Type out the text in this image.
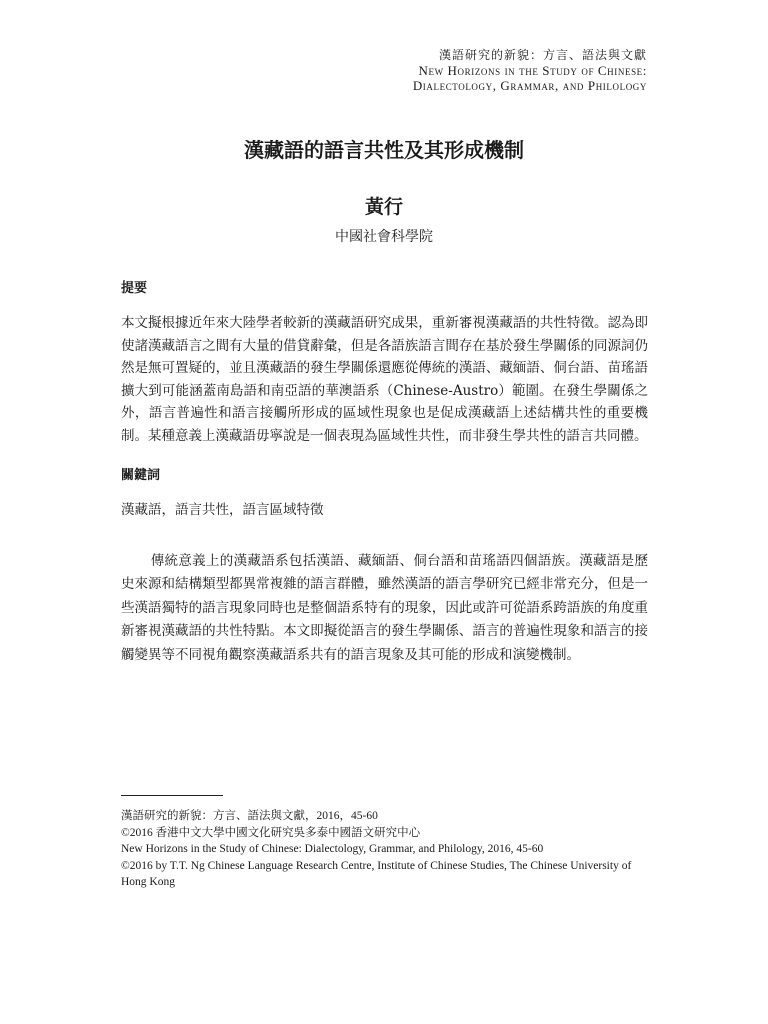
漢語研究的新貌：方言、語法與文獻
New Horizons in the Study of Chinese:
Dialectology, Grammar, and Philology
漢藏語的語言共性及其形成機制
黃行
中國社會科學院
提要

本文擬根據近年來大陸學者較新的漢藏語研究成果，重新審視漢藏語的共性特徵。認為即使諸漢藏語言之間有大量的借貸辭彙，但是各語族語言間存在基於發生學關係的同源詞仍然是無可置疑的，並且漢藏語的發生學關係還應從傳統的漢語、藏緬語、侗台語、苗瑤語擴大到可能涵蓋南島語和南亞語的華澳語系（Chinese-Austro）範圍。在發生學關係之外，語言普遍性和語言接觸所形成的區域性現象也是促成漢藏語上述結構共性的重要機制。某種意義上漢藏語毋寧說是一個表現為區域性共性，而非發生學共性的語言共同體。

關鍵詞

漢藏語，語言共性，語言區域特徵

傳統意義上的漢藏語系包括漢語、藏緬語、侗台語和苗瑤語四個語族。漢藏語是歷史來源和結構類型都異常複雜的語言群體，雖然漢語的語言學研究已經非常充分，但是一些漢語獨特的語言現象同時也是整個語系特有的現象，因此或許可從語系跨語族的角度重新審視漢藏語的共性特點。本文即擬從語言的發生學關係、語言的普遍性現象和語言的接觸變異等不同視角觀察漢藏語系共有的語言現象及其可能的形成和演變機制。

漢語研究的新貌：方言、語法與文獻，2016，45-60
©2016 香港中文大學中國文化研究吳多泰中國語文研究中心
New Horizons in the Study of Chinese: Dialectology, Grammar, and Philology, 2016, 45-60
©2016 by T.T. Ng Chinese Language Research Centre, Institute of Chinese Studies, The Chinese University of Hong Kong
